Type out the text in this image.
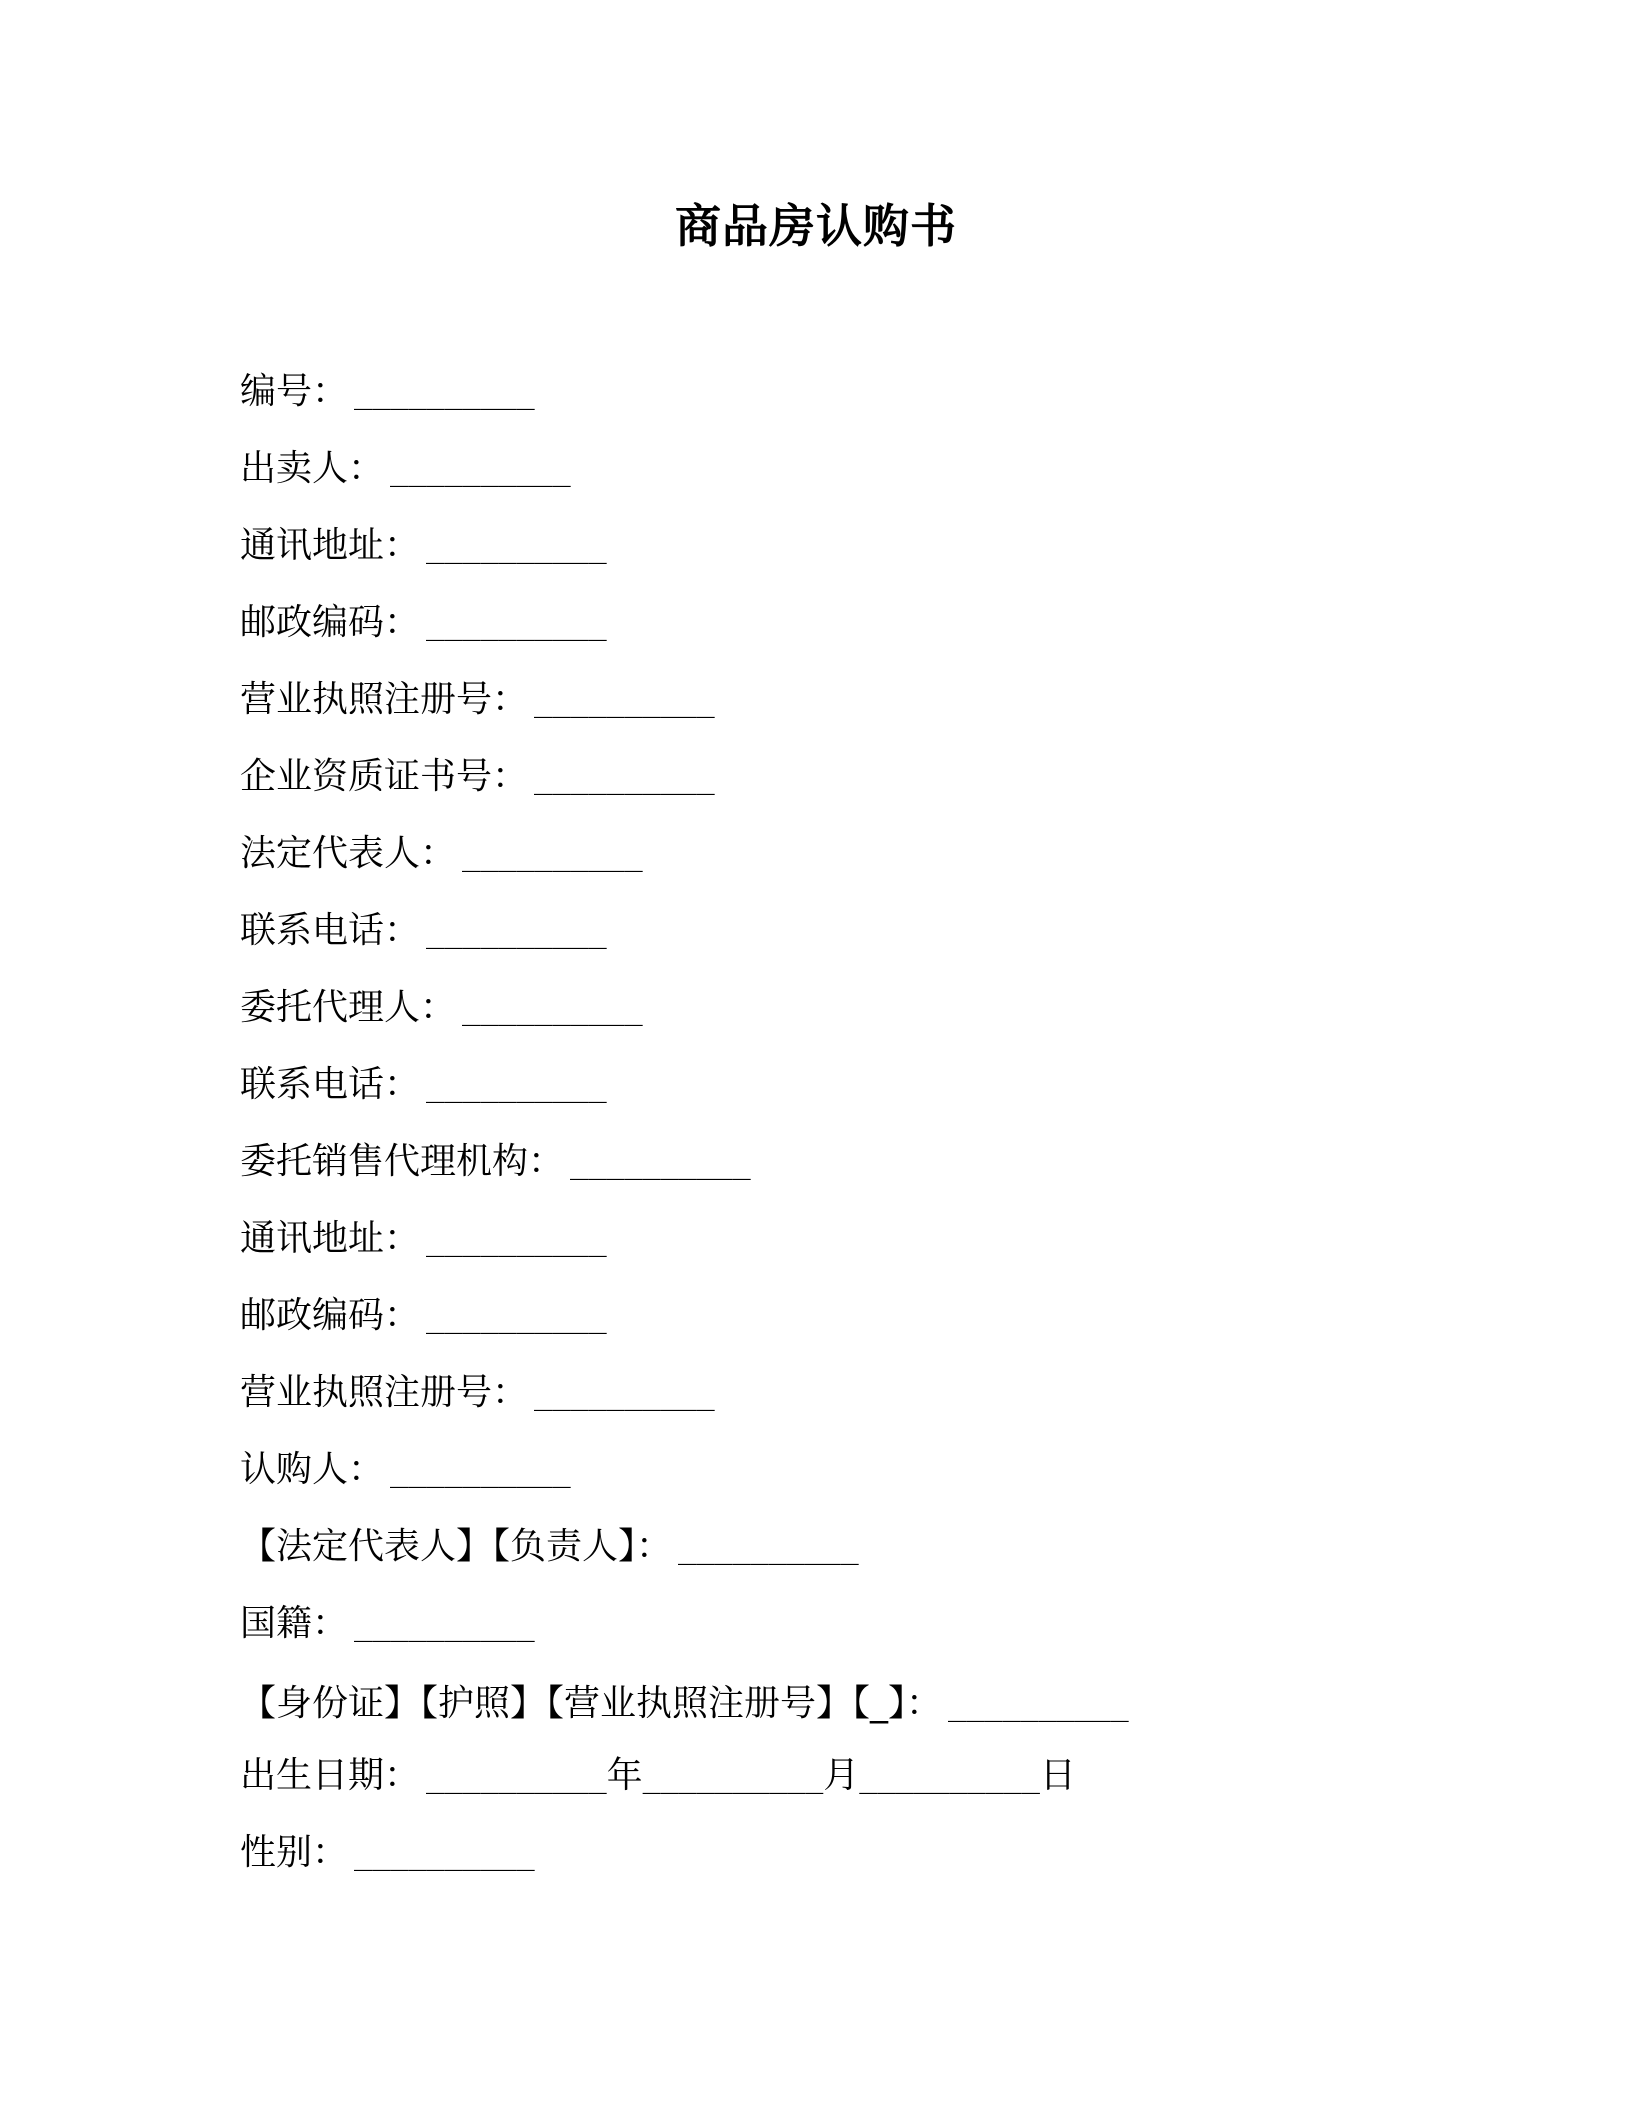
商品房认购书
编号： __________
出卖人： __________
通讯地址： __________
邮政编码： __________
营业执照注册号： __________
企业资质证书号： __________
法定代表人： __________
联系电话： __________
委托代理人： __________
联系电话： __________
委托销售代理机构： __________
通讯地址： __________
邮政编码： __________
营业执照注册号： __________
认购人： __________
【法定代表人】【负责人】： __________
国籍： __________
【身份证】【护照】【营业执照注册号】【_】： __________
出生日期： __________年__________月__________日
性别： __________
